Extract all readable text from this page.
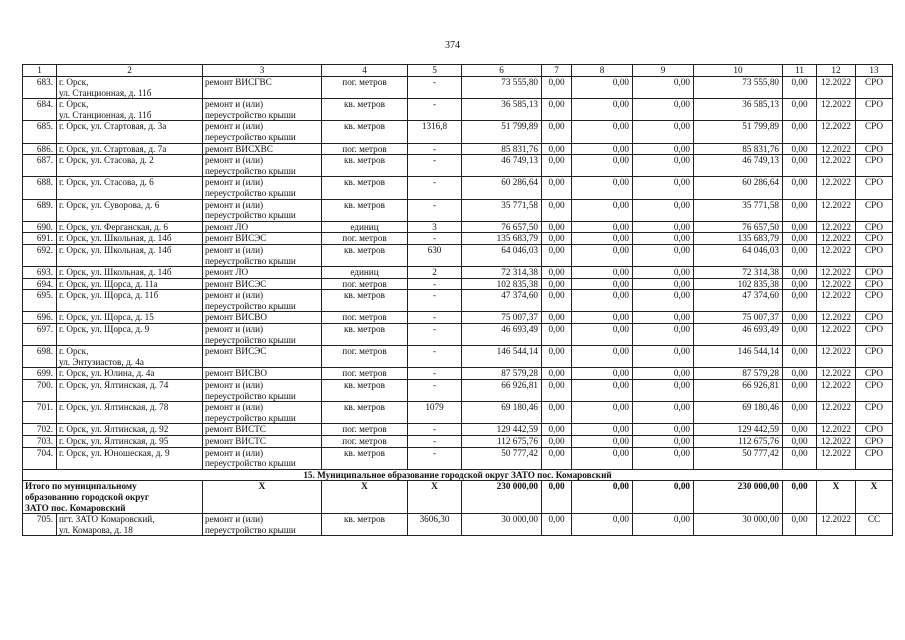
374
1	2	3	4	5	6	7	8	9	10	11	12	13
683.	г. Орск,
ул. Станционная, д. 11б	ремонт ВИСГВС	пог. метров	-	73 555,80	0,00	0,00	0,00	73 555,80	0,00	12.2022	СРО
684.	г. Орск,
ул. Станционная, д. 11б	ремонт и (или)
переустройство крыши	кв. метров	-	36 585,13	0,00	0,00	0,00	36 585,13	0,00	12.2022	СРО
685.	г. Орск, ул. Стартовая, д. 3а	ремонт и (или)
переустройство крыши	кв. метров	1316,8	51 799,89	0,00	0,00	0,00	51 799,89	0,00	12.2022	СРО
686.	г. Орск, ул. Стартовая, д. 7а	ремонт ВИСХВС	пог. метров	-	85 831,76	0,00	0,00	0,00	85 831,76	0,00	12.2022	СРО
687.	г. Орск, ул. Стасова, д. 2	ремонт и (или)
переустройство крыши	кв. метров	-	46 749,13	0,00	0,00	0,00	46 749,13	0,00	12.2022	СРО
688.	г. Орск, ул. Стасова, д. 6	ремонт и (или)
переустройство крыши	кв. метров	-	60 286,64	0,00	0,00	0,00	60 286,64	0,00	12.2022	СРО
689.	г. Орск, ул. Суворова, д. 6	ремонт и (или)
переустройство крыши	кв. метров	-	35 771,58	0,00	0,00	0,00	35 771,58	0,00	12.2022	СРО
690.	г. Орск, ул. Ферганская, д. 6	ремонт ЛО	единиц	3	76 657,50	0,00	0,00	0,00	76 657,50	0,00	12.2022	СРО
691.	г. Орск, ул. Школьная, д. 14б	ремонт ВИСЭС	пог. метров	-	135 683,79	0,00	0,00	0,00	135 683,79	0,00	12.2022	СРО
692.	г. Орск, ул. Школьная, д. 14б	ремонт и (или)
переустройство крыши	кв. метров	630	64 046,03	0,00	0,00	0,00	64 046,03	0,00	12.2022	СРО
693.	г. Орск, ул. Школьная, д. 14б	ремонт ЛО	единиц	2	72 314,38	0,00	0,00	0,00	72 314,38	0,00	12.2022	СРО
694.	г. Орск, ул. Щорса, д. 11а	ремонт ВИСЭС	пог. метров	-	102 835,38	0,00	0,00	0,00	102 835,38	0,00	12.2022	СРО
695.	г. Орск, ул. Щорса, д. 11б	ремонт и (или)
переустройство крыши	кв. метров	-	47 374,60	0,00	0,00	0,00	47 374,60	0,00	12.2022	СРО
696.	г. Орск, ул. Щорса, д. 15	ремонт ВИСВО	пог. метров	-	75 007,37	0,00	0,00	0,00	75 007,37	0,00	12.2022	СРО
697.	г. Орск, ул. Щорса, д. 9	ремонт и (или)
переустройство крыши	кв. метров	-	46 693,49	0,00	0,00	0,00	46 693,49	0,00	12.2022	СРО
698.	г. Орск,
ул. Энтузиастов, д. 4а	ремонт ВИСЭС	пог. метров	-	146 544,14	0,00	0,00	0,00	146 544,14	0,00	12.2022	СРО
699.	г. Орск, ул. Юлина, д. 4а	ремонт ВИСВО	пог. метров	-	87 579,28	0,00	0,00	0,00	87 579,28	0,00	12.2022	СРО
700.	г. Орск, ул. Ялтинская, д. 74	ремонт и (или)
переустройство крыши	кв. метров	-	66 926,81	0,00	0,00	0,00	66 926,81	0,00	12.2022	СРО
701.	г. Орск, ул. Ялтинская, д. 78	ремонт и (или)
переустройство крыши	кв. метров	1079	69 180,46	0,00	0,00	0,00	69 180,46	0,00	12.2022	СРО
702.	г. Орск, ул. Ялтинская, д. 92	ремонт ВИСТС	пог. метров	-	129 442,59	0,00	0,00	0,00	129 442,59	0,00	12.2022	СРО
703.	г. Орск, ул. Ялтинская, д. 95	ремонт ВИСТС	пог. метров	-	112 675,76	0,00	0,00	0,00	112 675,76	0,00	12.2022	СРО
704.	г. Орск, ул. Юношеская, д. 9	ремонт и (или)
переустройство крыши	кв. метров	-	50 777,42	0,00	0,00	0,00	50 777,42	0,00	12.2022	СРО
15. Муниципальное образование городской округ ЗАТО пос. Комаровский												
Итого по муниципальному
образованию городской округ
ЗАТО пос. Комаровский		X	X	X	230 000,00	0,00	0,00	0,00	230 000,00	0,00	X	X
705.	пгт. ЗАТО Комаровский,
ул. Комарова, д. 18	ремонт и (или)
переустройство крыши	кв. метров	3606,30	30 000,00	0,00	0,00	0,00	30 000,00	0,00	12.2022	СС
